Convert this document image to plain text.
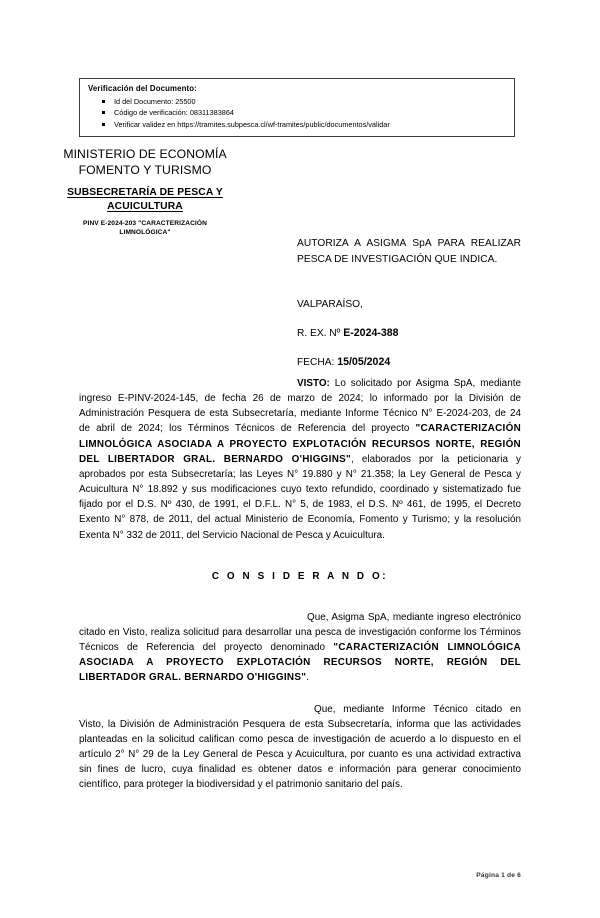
Verificación del Documento:
Id del Documento: 25500
Código de verificación: 08311383864
Verificar validez en https://tramites.subpesca.cl/wf-tramites/public/documentos/validar
MINISTERIO DE ECONOMÍA
FOMENTO Y TURISMO
SUBSECRETARÍA DE PESCA Y
ACUICULTURA
PINV E-2024-203 "CARACTERIZACIÓN
LIMNOLÓGICA"
AUTORIZA A ASIGMA SpA PARA REALIZAR PESCA DE INVESTIGACIÓN QUE INDICA.
VALPARAÍSO,
R. EX. Nº E-2024-388
FECHA: 15/05/2024

VISTO: Lo solicitado por Asigma SpA, mediante ingreso E-PINV-2024-145, de fecha 26 de marzo de 2024; lo informado por la División de Administración Pesquera de esta Subsecretaría, mediante Informe Técnico N° E-2024-203, de 24 de abril de 2024; los Términos Técnicos de Referencia del proyecto "CARACTERIZACIÓN LIMNOLÓGICA ASOCIADA A PROYECTO EXPLOTACIÓN RECURSOS NORTE, REGIÓN DEL LIBERTADOR GRAL. BERNARDO O'HIGGINS", elaborados por la peticionaria y aprobados por esta Subsecretaría; las Leyes N° 19.880 y N° 21.358; la Ley General de Pesca y Acuicultura N° 18.892 y sus modificaciones cuyo texto refundido, coordinado y sistematizado fue fijado por el D.S. Nº 430, de 1991, el D.F.L. N° 5, de 1983, el D.S. Nº 461, de 1995, el Decreto Exento N° 878, de 2011, del actual Ministerio de Economía, Fomento y Turismo; y la resolución Exenta N° 332 de 2011, del Servicio Nacional de Pesca y Acuicultura.

C O N S I D E R A N D O:

Que, Asigma SpA, mediante ingreso electrónico citado en Visto, realiza solicitud para desarrollar una pesca de investigación conforme los Términos Técnicos de Referencia del proyecto denominado "CARACTERIZACIÓN LIMNOLÓGICA ASOCIADA A PROYECTO EXPLOTACIÓN RECURSOS NORTE, REGIÓN DEL LIBERTADOR GRAL. BERNARDO O'HIGGINS".

Que, mediante Informe Técnico citado en Visto, la División de Administración Pesquera de esta Subsecretaría, informa que las actividades planteadas en la solicitud califican como pesca de investigación de acuerdo a lo dispuesto en el artículo 2° N° 29 de la Ley General de Pesca y Acuicultura, por cuanto es una actividad extractiva sin fines de lucro, cuya finalidad es obtener datos e información para generar conocimiento científico, para proteger la biodiversidad y el patrimonio sanitario del país.

Página 1 de 6
